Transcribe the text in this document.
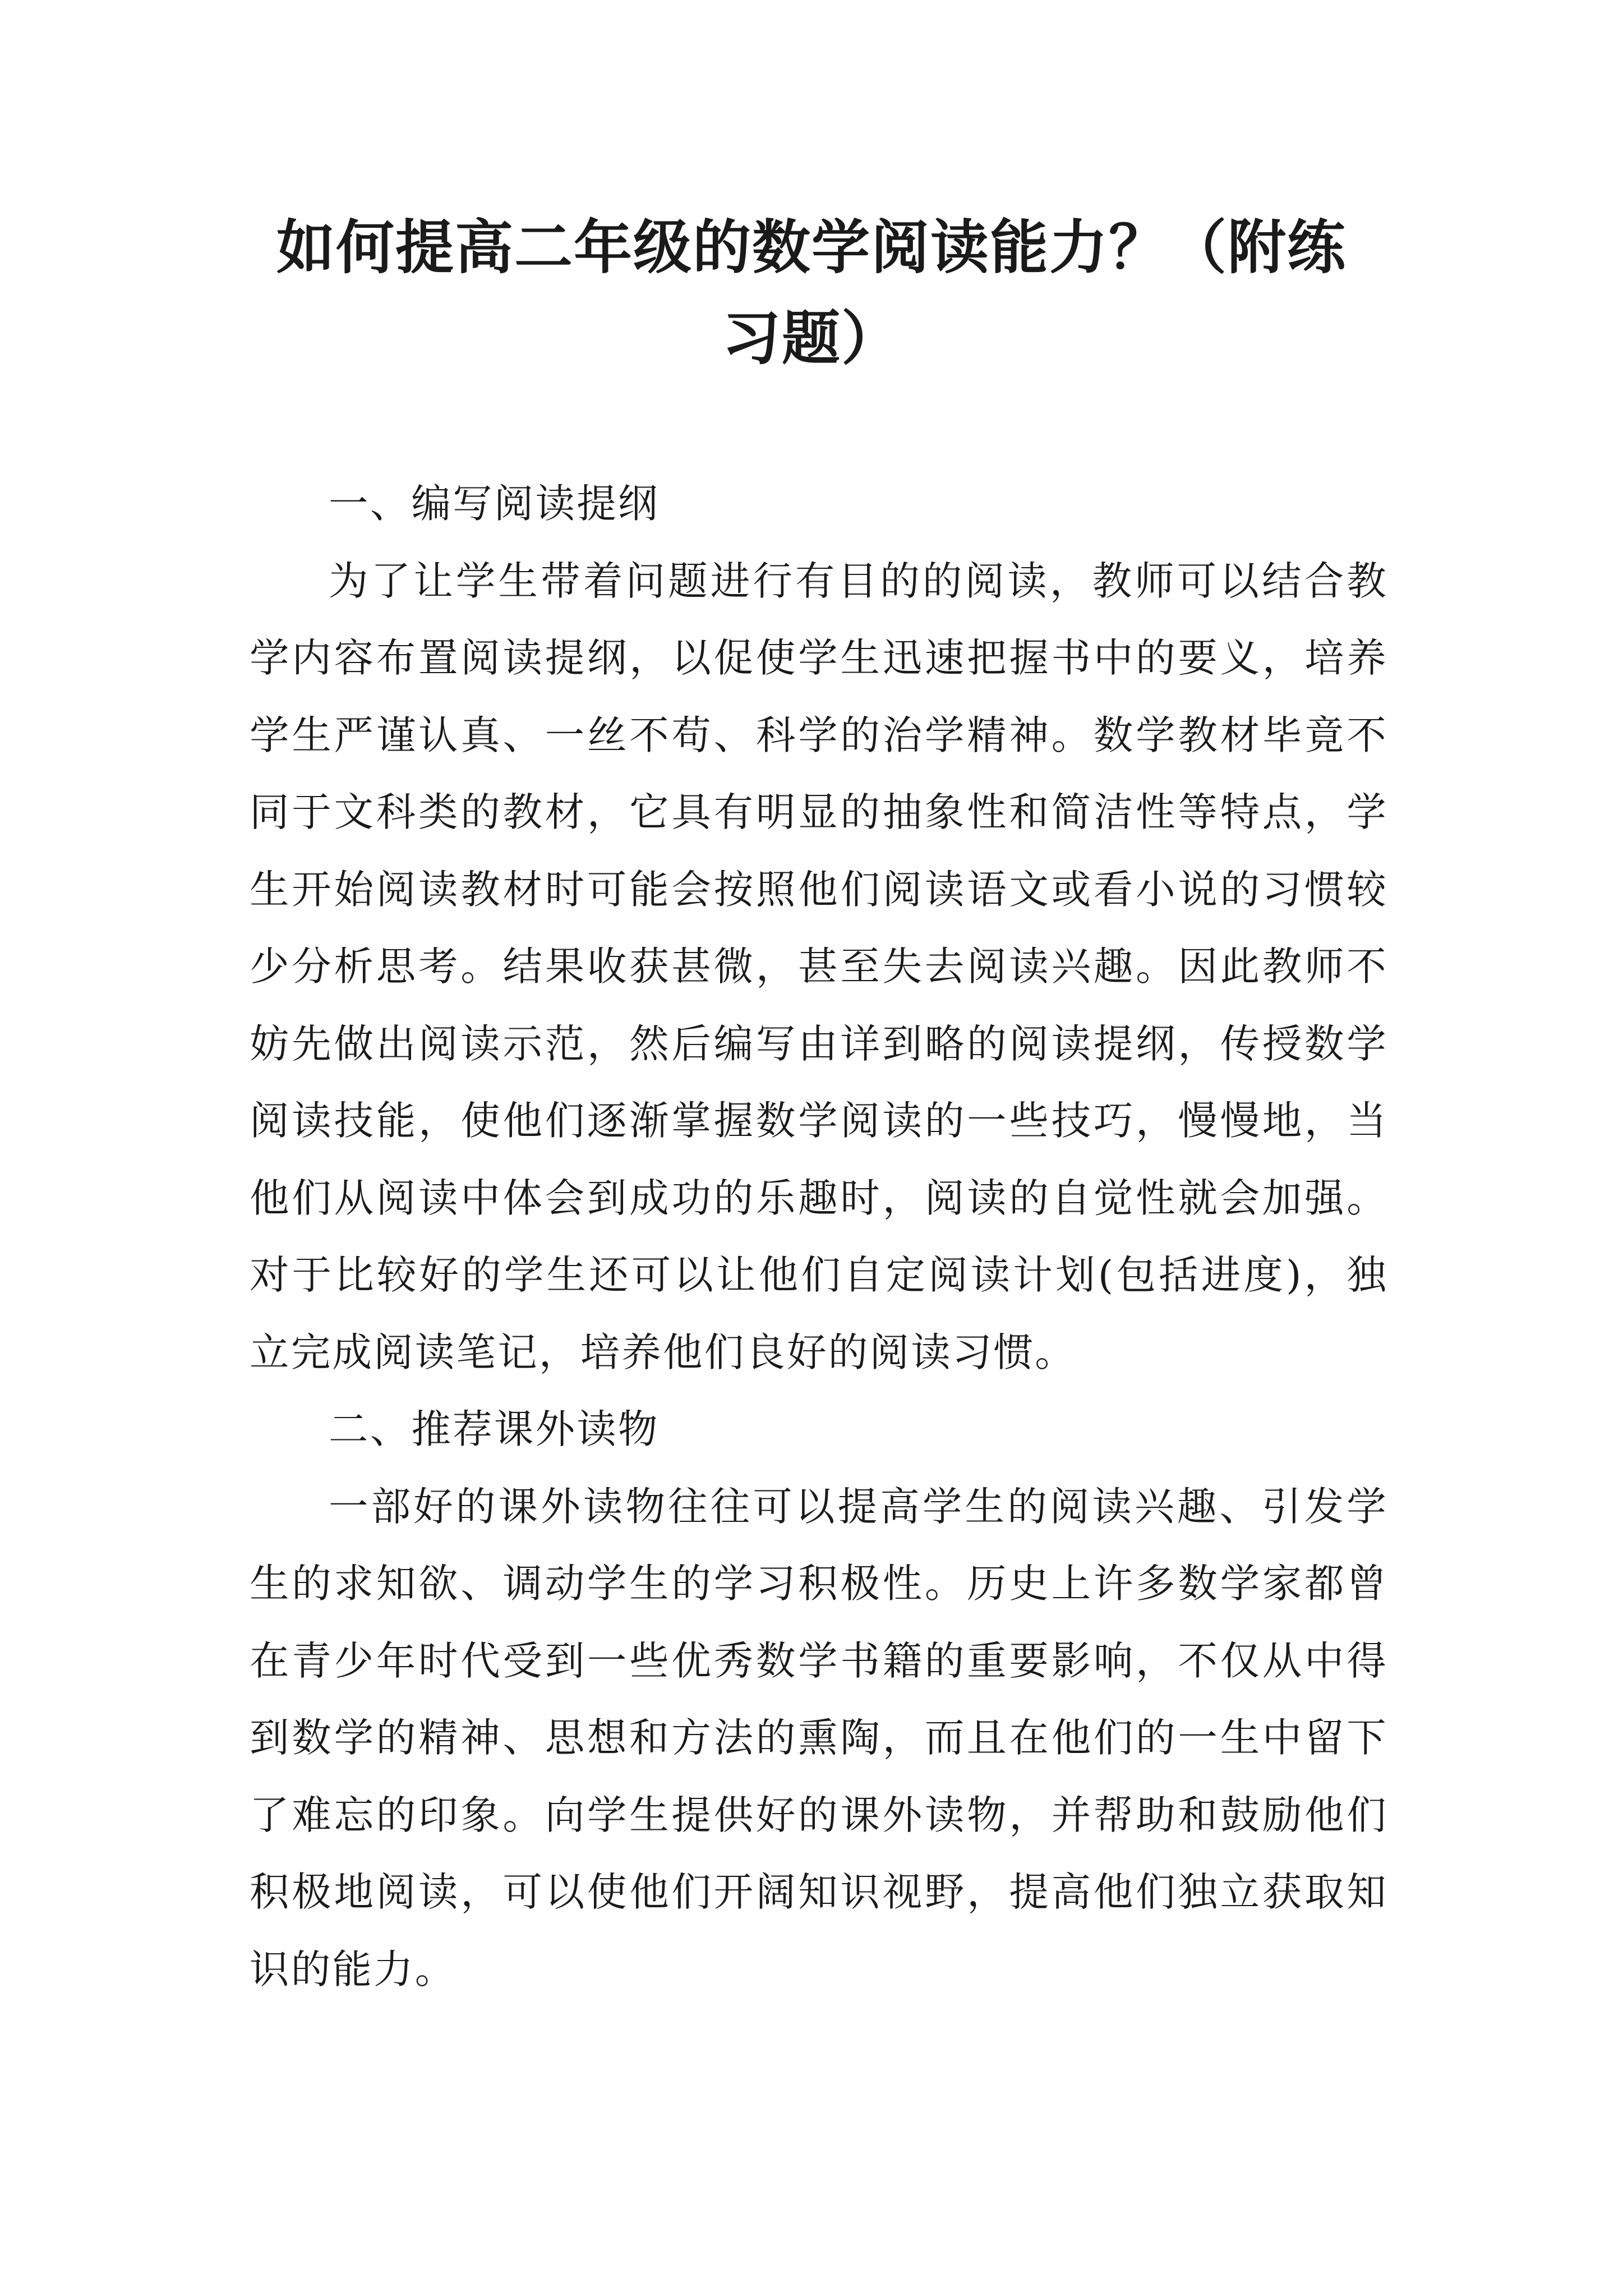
如何提高二年级的数学阅读能力？（附练
习题）

一、编写阅读提纲

为了让学生带着问题进行有目的的阅读，教师可以结合教学内容布置阅读提纲，以促使学生迅速把握书中的要义，培养学生严谨认真、一丝不苟、科学的治学精神。数学教材毕竟不同于文科类的教材，它具有明显的抽象性和简洁性等特点，学生开始阅读教材时可能会按照他们阅读语文或看小说的习惯较少分析思考。结果收获甚微，甚至失去阅读兴趣。因此教师不妨先做出阅读示范，然后编写由详到略的阅读提纲，传授数学阅读技能，使他们逐渐掌握数学阅读的一些技巧，慢慢地，当他们从阅读中体会到成功的乐趣时，阅读的自觉性就会加强。对于比较好的学生还可以让他们自定阅读计划(包括进度)，独立完成阅读笔记，培养他们良好的阅读习惯。

二、推荐课外读物

一部好的课外读物往往可以提高学生的阅读兴趣、引发学生的求知欲、调动学生的学习积极性。历史上许多数学家都曾在青少年时代受到一些优秀数学书籍的重要影响，不仅从中得到数学的精神、思想和方法的熏陶，而且在他们的一生中留下了难忘的印象。向学生提供好的课外读物，并帮助和鼓励他们积极地阅读，可以使他们开阔知识视野，提高他们独立获取知识的能力。
